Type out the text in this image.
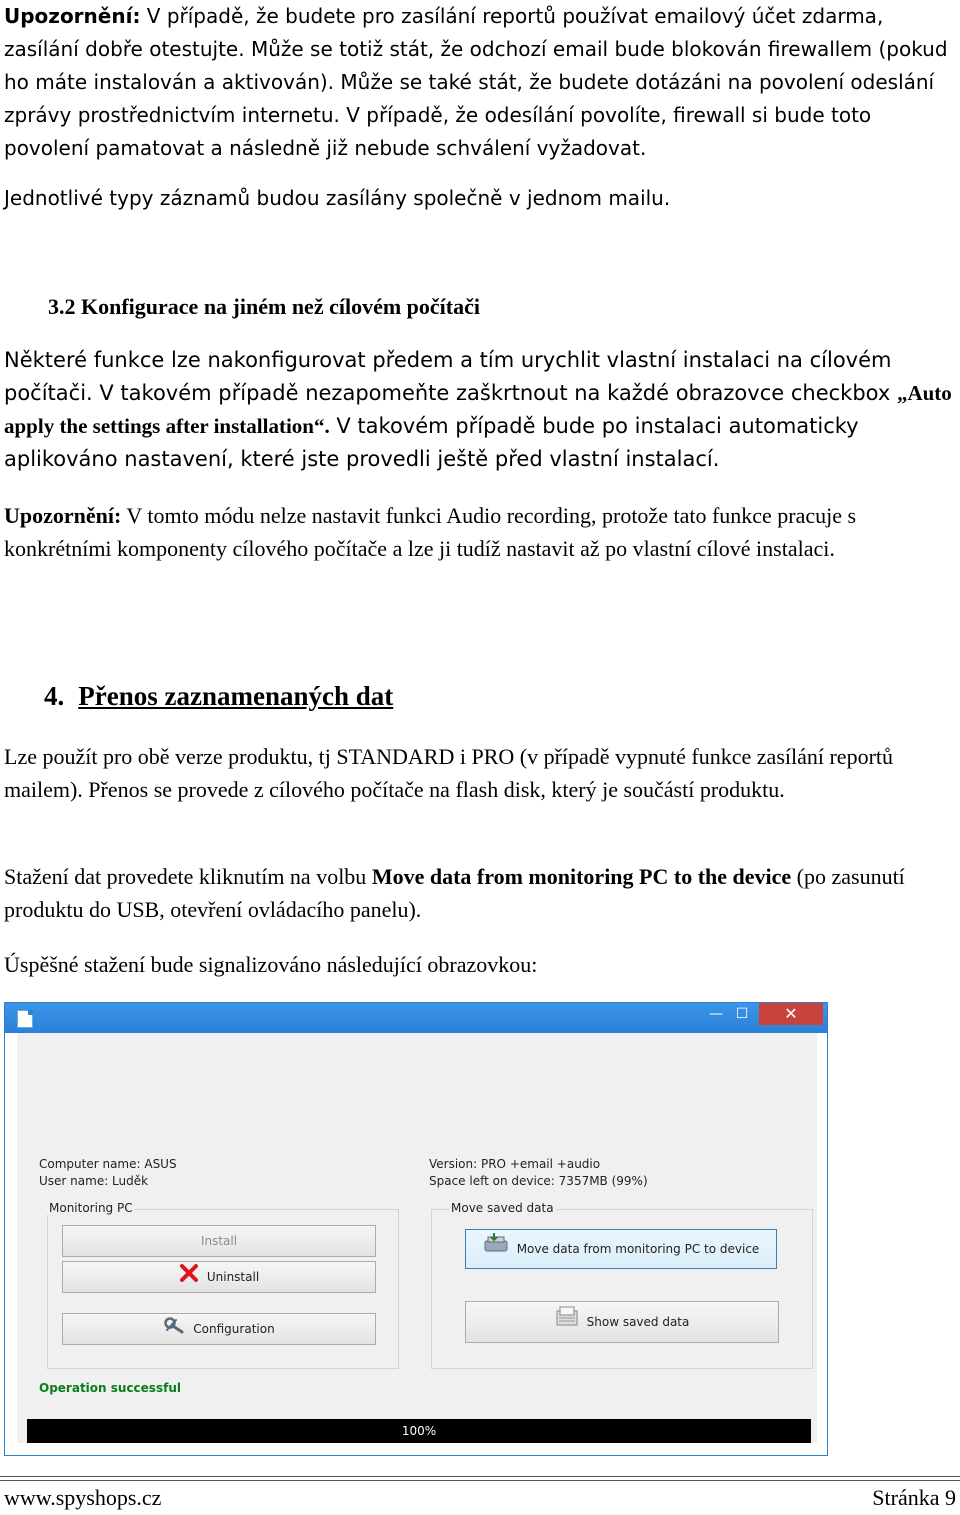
Upozornění: V případě, že budete pro zasílání reportů používat emailový účet zdarma, zasílání dobře otestujte. Může se totiž stát, že odchozí email bude blokován firewallem (pokud ho máte instalován a aktivován). Může se také stát, že budete dotázáni na povolení odeslání zprávy prostřednictvím internetu. V případě, že odesílání povolíte, firewall si bude toto povolení pamatovat a následně již nebude schválení vyžadovat.

Jednotlivé typy záznamů budou zasílány společně v jednom mailu.

3.2 Konfigurace na jiném než cílovém počítači

Některé funkce lze nakonfigurovat předem a tím urychlit vlastní instalaci na cílovém počítači. V takovém případě nezapomeňte zaškrtnout na každé obrazovce checkbox „Auto apply the settings after installation“. V takovém případě bude po instalaci automaticky aplikováno nastavení, které jste provedli ještě před vlastní instalací.

Upozornění: V tomto módu nelze nastavit funkci Audio recording, protože tato funkce pracuje s konkrétními komponenty cílového počítače a lze ji tudíž nastavit až po vlastní cílové instalaci.

4. Přenos zaznamenaných dat

Lze použít pro obě verze produktu, tj STANDARD i PRO (v případě vypnuté funkce zasílání reportů mailem). Přenos se provede z cílového počítače na flash disk, který je součástí produktu.

Stažení dat provedete kliknutím na volbu Move data from monitoring PC to the device (po zasunutí produktu do USB, otevření ovládacího panelu).

Úspěšné stažení bude signalizováno následující obrazovkou:

— ☐	✕
Computer name: ASUS
User name: Luděk
Version: PRO +email +audio
Space left on device: 7357MB (99%)
Monitoring PC
Install
Uninstall
Configuration
Move saved data
Move data from monitoring PC to device
Show saved data
Operation successful
100%
www.spyshops.cz	Stránka 9
